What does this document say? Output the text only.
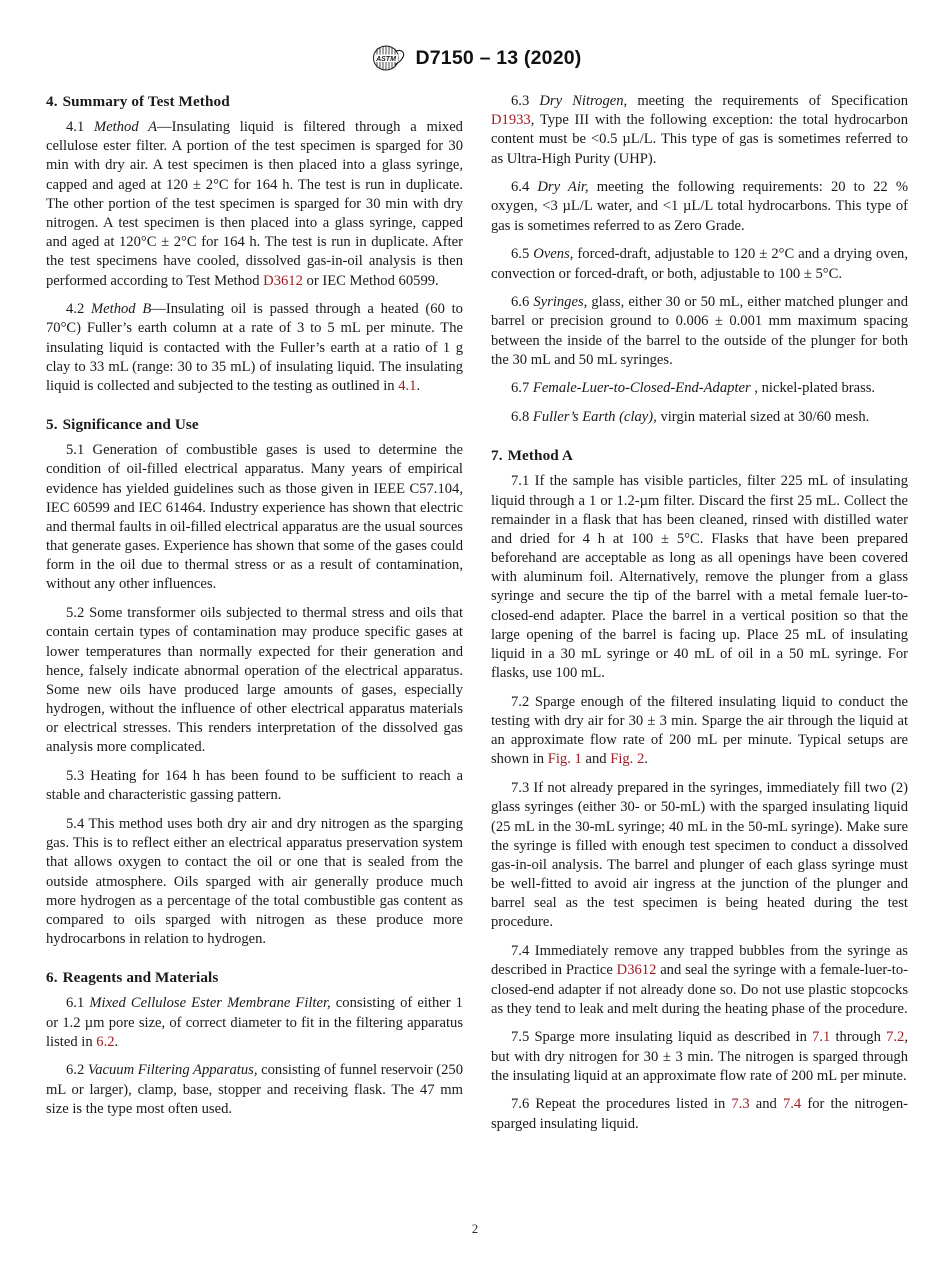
ASTM D7150 – 13 (2020)
4. Summary of Test Method

4.1 Method A—Insulating liquid is filtered through a mixed cellulose ester filter. A portion of the test specimen is sparged for 30 min with dry air. A test specimen is then placed into a glass syringe, capped and aged at 120 ± 2°C for 164 h. The test is run in duplicate. The other portion of the test specimen is sparged for 30 min with dry nitrogen. A test specimen is then placed into a glass syringe, capped and aged at 120°C ± 2°C for 164 h. The test is run in duplicate. After the test specimens have cooled, dissolved gas-in-oil analysis is then performed according to Test Method D3612 or IEC Method 60599.

4.2 Method B—Insulating oil is passed through a heated (60 to 70°C) Fuller’s earth column at a rate of 3 to 5 mL per minute. The insulating liquid is contacted with the Fuller’s earth at a ratio of 1 g clay to 33 mL (range: 30 to 35 mL) of insulating liquid. The insulating liquid is collected and subjected to the testing as outlined in 4.1.

5. Significance and Use

5.1 Generation of combustible gases is used to determine the condition of oil-filled electrical apparatus. Many years of empirical evidence has yielded guidelines such as those given in IEEE C57.104, IEC 60599 and IEC 61464. Industry experience has shown that electric and thermal faults in oil-filled electrical apparatus are the usual sources that generate gases. Experience has shown that some of the gases could form in the oil due to thermal stress or as a result of contamination, without any other influences.

5.2 Some transformer oils subjected to thermal stress and oils that contain certain types of contamination may produce specific gases at lower temperatures than normally expected for their generation and hence, falsely indicate abnormal operation of the electrical apparatus. Some new oils have produced large amounts of gases, especially hydrogen, without the influence of other electrical apparatus materials or electrical stresses. This renders interpretation of the dissolved gas analysis more complicated.

5.3 Heating for 164 h has been found to be sufficient to reach a stable and characteristic gassing pattern.

5.4 This method uses both dry air and dry nitrogen as the sparging gas. This is to reflect either an electrical apparatus preservation system that allows oxygen to contact the oil or one that is sealed from the outside atmosphere. Oils sparged with air generally produce much more hydrogen as a percentage of the total combustible gas content as compared to oils sparged with nitrogen as these produce more hydrocarbons in relation to hydrogen.

6. Reagents and Materials

6.1 Mixed Cellulose Ester Membrane Filter, consisting of either 1 or 1.2 µm pore size, of correct diameter to fit in the filtering apparatus listed in 6.2.

6.2 Vacuum Filtering Apparatus, consisting of funnel reservoir (250 mL or larger), clamp, base, stopper and receiving flask. The 47 mm size is the type most often used.

6.3 Dry Nitrogen, meeting the requirements of Specification D1933, Type III with the following exception: the total hydrocarbon content must be <0.5 µL/L. This type of gas is sometimes referred to as Ultra-High Purity (UHP).

6.4 Dry Air, meeting the following requirements: 20 to 22 % oxygen, <3 µL/L water, and <1 µL/L total hydrocarbons. This type of gas is sometimes referred to as Zero Grade.

6.5 Ovens, forced-draft, adjustable to 120 ± 2°C and a drying oven, convection or forced-draft, or both, adjustable to 100 ± 5°C.

6.6 Syringes, glass, either 30 or 50 mL, either matched plunger and barrel or precision ground to 0.006 ± 0.001 mm maximum spacing between the inside of the barrel to the outside of the plunger for both the 30 mL and 50 mL syringes.

6.7 Female-Luer-to-Closed-End-Adapter , nickel-plated brass.

6.8 Fuller’s Earth (clay), virgin material sized at 30/60 mesh.

7. Method A

7.1 If the sample has visible particles, filter 225 mL of insulating liquid through a 1 or 1.2-µm filter. Discard the first 25 mL. Collect the remainder in a flask that has been cleaned, rinsed with distilled water and dried for 4 h at 100 ± 5°C. Flasks that have been prepared beforehand are acceptable as long as all openings have been covered with aluminum foil. Alternatively, remove the plunger from a glass syringe and secure the tip of the barrel with a metal female luer-to-closed-end adapter. Place the barrel in a vertical position so that the large opening of the barrel is facing up. Place 25 mL of insulating liquid in a 30 mL syringe or 40 mL of oil in a 50 mL syringe. For flasks, use 100 mL.

7.2 Sparge enough of the filtered insulating liquid to conduct the testing with dry air for 30 ± 3 min. Sparge the air through the liquid at an approximate flow rate of 200 mL per minute. Typical setups are shown in Fig. 1 and Fig. 2.

7.3 If not already prepared in the syringes, immediately fill two (2) glass syringes (either 30- or 50-mL) with the sparged insulating liquid (25 mL in the 30-mL syringe; 40 mL in the 50-mL syringe). Make sure the syringe is filled with enough test specimen to conduct a dissolved gas-in-oil analysis. The barrel and plunger of each glass syringe must be well-fitted to avoid air ingress at the junction of the plunger and barrel seal as the test specimen is being heated during the test procedure.

7.4 Immediately remove any trapped bubbles from the syringe as described in Practice D3612 and seal the syringe with a female-luer-to-closed-end adapter if not already done so. Do not use plastic stopcocks as they tend to leak and melt during the heating phase of the procedure.

7.5 Sparge more insulating liquid as described in 7.1 through 7.2, but with dry nitrogen for 30 ± 3 min. The nitrogen is sparged through the insulating liquid at an approximate flow rate of 200 mL per minute.

7.6 Repeat the procedures listed in 7.3 and 7.4 for the nitrogen-sparged insulating liquid.

2
